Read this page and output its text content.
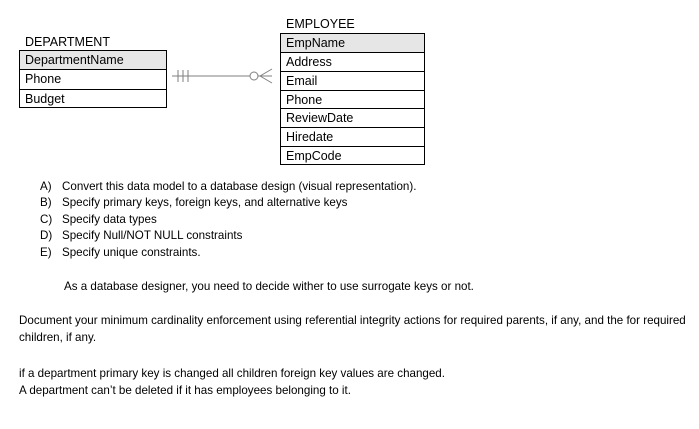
DEPARTMENT
DepartmentName
Phone
Budget
EMPLOYEE
EmpName
Address
Email
Phone
ReviewDate
Hiredate
EmpCode
A) Convert this data model to a database design (visual representation).
B) Specify primary keys, foreign keys, and alternative keys
C) Specify data types
D) Specify Null/NOT NULL constraints
E) Specify unique constraints.

As a database designer, you need to decide wither to use surrogate keys or not.

Document your minimum cardinality enforcement using referential integrity actions for required parents, if any, and the for required children, if any.

if a department primary key is changed all children foreign key values are changed.

A department can’t be deleted if it has employees belonging to it.
